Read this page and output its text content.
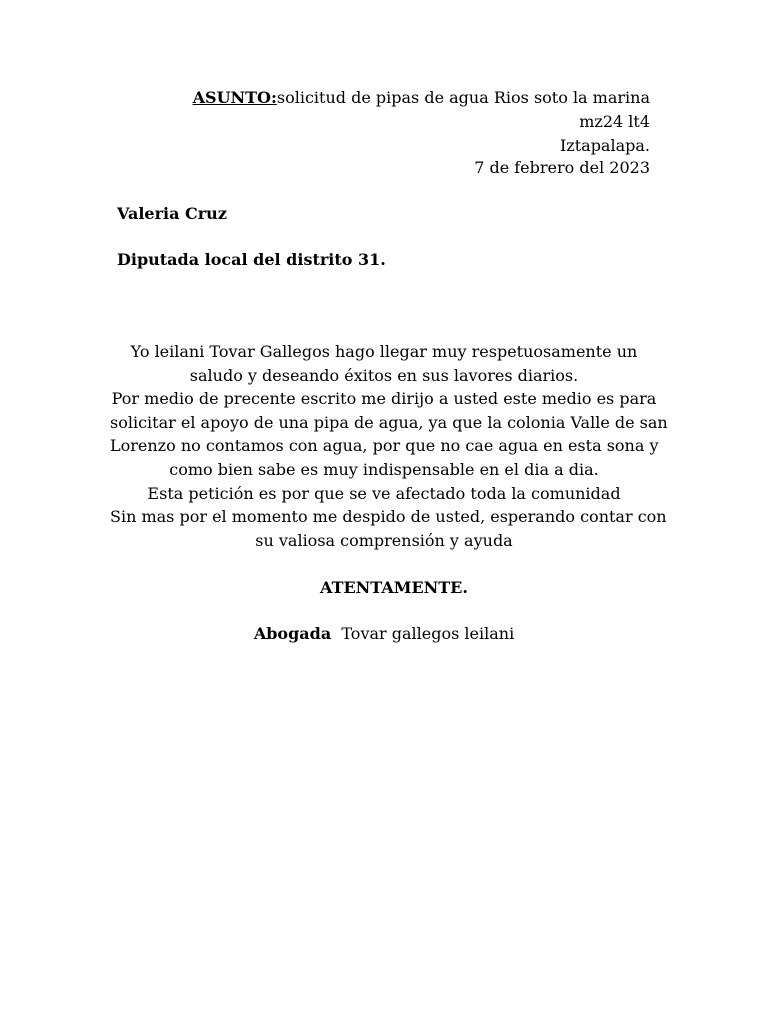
ASUNTO:solicitud de pipas de agua Rios soto la marina mz24 lt4
Iztapalapa.
7 de febrero del 2023
Valeria Cruz
Diputada local del distrito 31.
Yo leilani Tovar Gallegos hago llegar muy respetuosamente un
saludo y deseando éxitos en sus lavores diarios.
Por medio de precente escrito me dirijo a usted este medio es para
solicitar el apoyo de una pipa de agua, ya que la colonia Valle de san
Lorenzo no contamos con agua, por que no cae agua en esta sona y
como bien sabe es muy indispensable en el dia a dia.
Esta petición es por que se ve afectado toda la comunidad
Sin mas por el momento me despido de usted, esperando contar con
su valiosa comprensión y ayuda
ATENTAMENTE.
Abogada Tovar gallegos leilani
